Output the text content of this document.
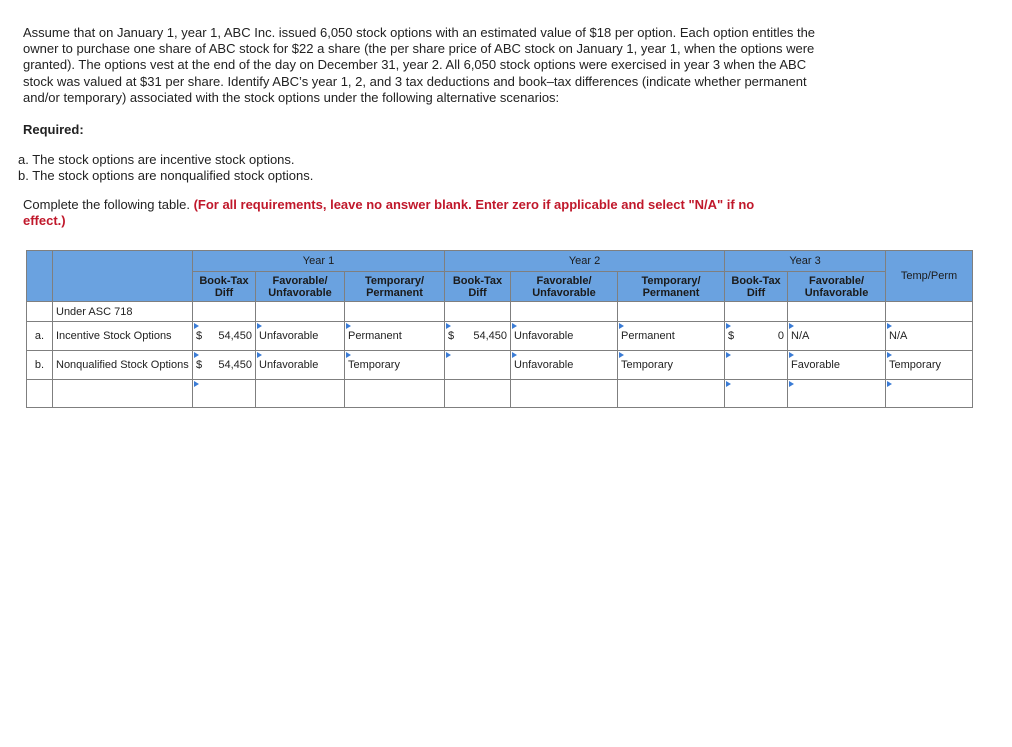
Assume that on January 1, year 1, ABC Inc. issued 6,050 stock options with an estimated value of $18 per option. Each option entitles the owner to purchase one share of ABC stock for $22 a share (the per share price of ABC stock on January 1, year 1, when the options were granted). The options vest at the end of the day on December 31, year 2. All 6,050 stock options were exercised in year 3 when the ABC stock was valued at $31 per share. Identify ABC’s year 1, 2, and 3 tax deductions and book–tax differences (indicate whether permanent and/or temporary) associated with the stock options under the following alternative scenarios:

Required:

a. The stock options are incentive stock options.
b. The stock options are nonqualified stock options.

Complete the following table. (For all requirements, leave no answer blank. Enter zero if applicable and select "N/A" if no effect.)

		Year 1			Year 2			Year 3		Temp/Perm
		Book-Tax Diff	Favorable/ Unfavorable	Temporary/ Permanent	Book-Tax Diff	Favorable/ Unfavorable	Temporary/ Permanent	Book-Tax Diff	Favorable/ Unfavorable	
	Under ASC 718									
a.	Incentive Stock Options	$ 54,450	Unfavorable	Permanent	$ 54,450	Unfavorable	Permanent	$ 0	N/A	N/A
b.	Nonqualified Stock Options	$ 54,450	Unfavorable	Temporary		Unfavorable	Temporary		Favorable	Temporary
